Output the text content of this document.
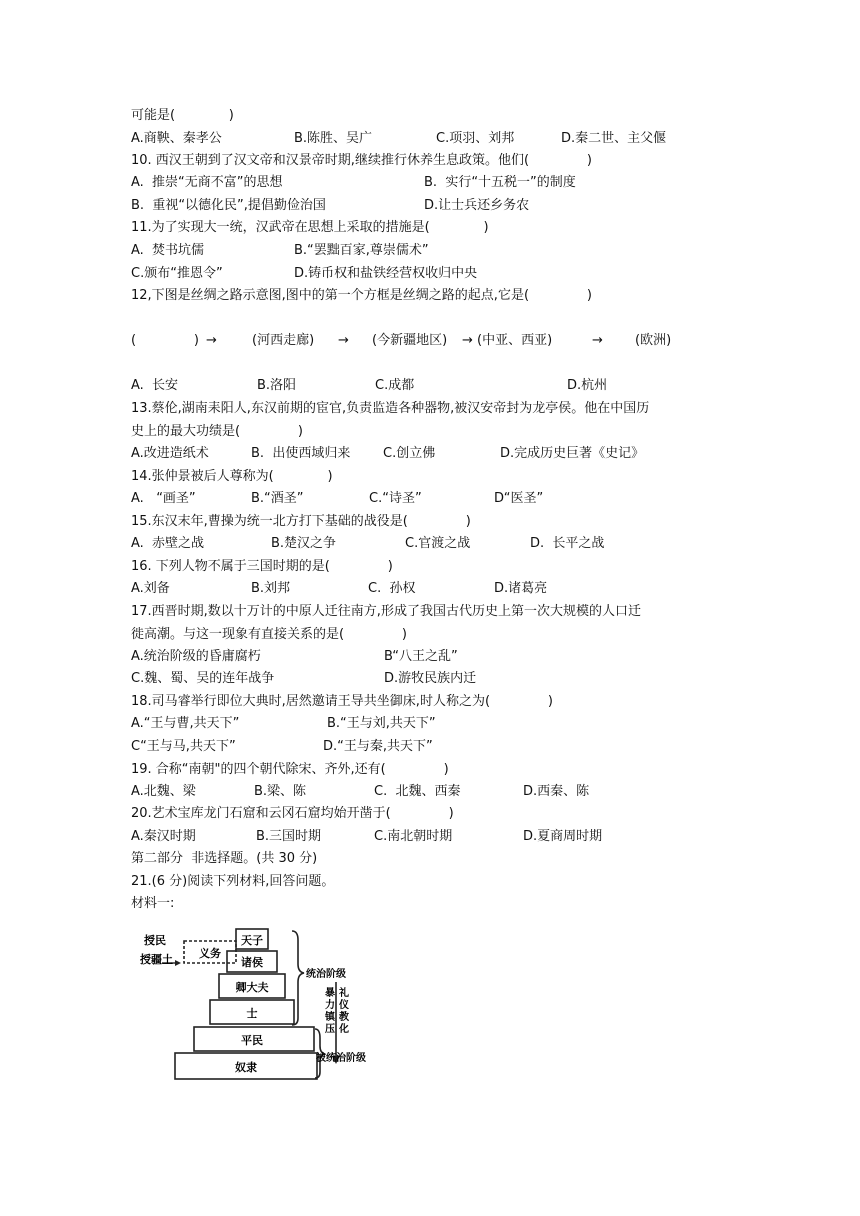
可能是(             )
A.商鞅、秦孝公	B.陈胜、吴广	C.项羽、刘邦	D.秦二世、主父偃
10. 西汉王朝到了汉文帝和汉景帝时期,继续推行休养生息政策。他们(              )
A.  推崇“无商不富”的思想	B.  实行“十五税一”的制度
B.  重视“以德化民”,提倡勤俭治国	D.让士兵还乡务农
11.为了实现大一统，汉武帝在思想上采取的措施是(             )
A.  焚书坑儒	B.“罢黜百家,尊崇儒术”
C.颁布“推恩令”	D.铸币权和盐铁经营权收归中央
12,下图是丝绸之路示意图,图中的第一个方框是丝绸之路的起点,它是(              )
(              ) →	(河西走廊) → (今新疆地区) → (中亚、西亚)	→ (欧洲)
A.  长安	B.洛阳	C.成都	D.杭州
13.蔡伦,湖南耒阳人,东汉前期的宦官,负责监造各种器物,被汉安帝封为龙亭侯。他在中国历
史上的最大功绩是(              )
A.改进造纸术	B.  出使西域归来	C.创立佛	D.完成历史巨著《史记》
14.张仲景被后人尊称为(             )
A.   “画圣”	B.“酒圣”	C.“诗圣”	D“医圣”
15.东汉末年,曹操为统一北方打下基础的战役是(              )
A.  赤壁之战	B.楚汉之争	C.官渡之战	D.  长平之战
16. 下列人物不属于三国时期的是(              )
A.刘备	B.刘邦	C.  孙权	D.诸葛亮
17.西晋时期,数以十万计的中原人迁往南方,形成了我国古代历史上第一次大规模的人口迁
徙高潮。与这一现象有直接关系的是(              )
A.统治阶级的昏庸腐朽	B“八王之乱”
C.魏、蜀、吴的连年战争	D.游牧民族内迁
18.司马睿举行即位大典时,居然邀请王导共坐御床,时人称之为(              )
A.“王与曹,共天下”	B.“王与刘,共天下”
C“王与马,共天下”	D.“王与秦,共天下”
19. 合称“南朝"的四个朝代除宋、齐外,还有(              )
A.北魏、梁	B.梁、陈	C.  北魏、西秦	D.西秦、陈
20.艺术宝库龙门石窟和云冈石窟均始开凿于(              )
A.秦汉时期	B.三国时期	C.南北朝时期	D.夏商周时期
第二部分  非选择题。(共 30 分)
21.(6 分)阅读下列材料,回答问题。
材料一:
天子
诸侯
卿大夫
士
平民
奴隶
授民
授疆土 义务
统治阶级
被统治阶级
暴
力
镇
压
礼
仪
教
化
